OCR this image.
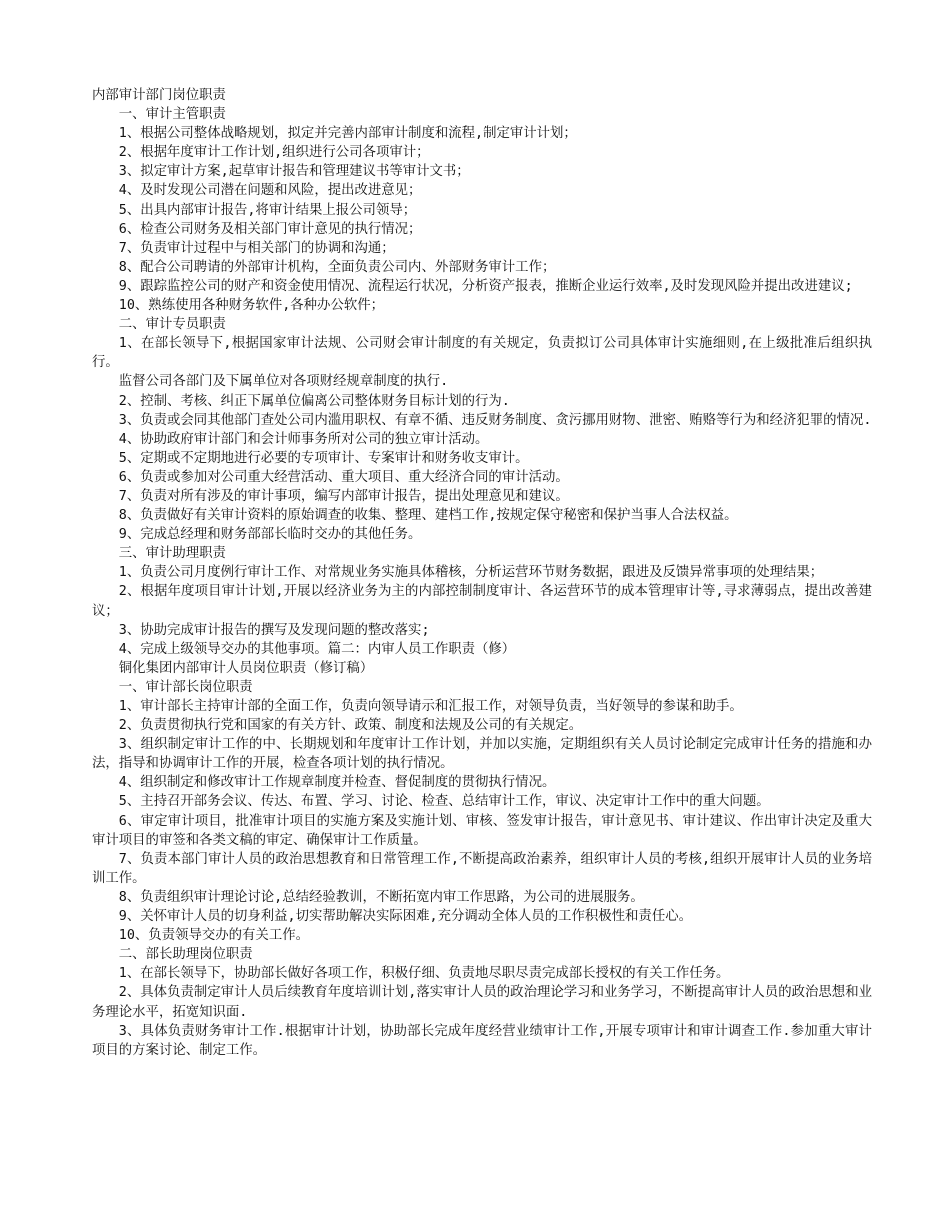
内部审计部门岗位职责

一、审计主管职责

1、根据公司整体战略规划，拟定并完善内部审计制度和流程,制定审计计划；

2、根据年度审计工作计划,组织进行公司各项审计；

3、拟定审计方案,起草审计报告和管理建议书等审计文书；

4、及时发现公司潜在问题和风险，提出改进意见；

5、出具内部审计报告,将审计结果上报公司领导；

6、检查公司财务及相关部门审计意见的执行情况；

7、负责审计过程中与相关部门的协调和沟通；

8、配合公司聘请的外部审计机构，全面负责公司内、外部财务审计工作；

9、跟踪监控公司的财产和资金使用情况、流程运行状况，分析资产报表，推断企业运行效率,及时发现风险并提出改进建议;

10、熟练使用各种财务软件,各种办公软件；

二、审计专员职责

1、在部长领导下,根据国家审计法规、公司财会审计制度的有关规定，负责拟订公司具体审计实施细则,在上级批准后组织执行。

监督公司各部门及下属单位对各项财经规章制度的执行.

2、控制、考核、纠正下属单位偏离公司整体财务目标计划的行为.

3、负责或会同其他部门查处公司内滥用职权、有章不循、违反财务制度、贪污挪用财物、泄密、贿赂等行为和经济犯罪的情况.

4、协助政府审计部门和会计师事务所对公司的独立审计活动。

5、定期或不定期地进行必要的专项审计、专案审计和财务收支审计。

6、负责或参加对公司重大经营活动、重大项目、重大经济合同的审计活动。

7、负责对所有涉及的审计事项，编写内部审计报告，提出处理意见和建议。

8、负责做好有关审计资料的原始调查的收集、整理、建档工作,按规定保守秘密和保护当事人合法权益。

9、完成总经理和财务部部长临时交办的其他任务。

三、审计助理职责

1、负责公司月度例行审计工作、对常规业务实施具体稽核，分析运营环节财务数据，跟进及反馈异常事项的处理结果；

2、根据年度项目审计计划,开展以经济业务为主的内部控制制度审计、各运营环节的成本管理审计等,寻求薄弱点，提出改善建议；

3、协助完成审计报告的撰写及发现问题的整改落实;

4、完成上级领导交办的其他事项。篇二：内审人员工作职责（修）

铜化集团内部审计人员岗位职责（修订稿）

一、审计部长岗位职责

1、审计部长主持审计部的全面工作，负责向领导请示和汇报工作，对领导负责，当好领导的参谋和助手。

2、负责贯彻执行党和国家的有关方针、政策、制度和法规及公司的有关规定。

3、组织制定审计工作的中、长期规划和年度审计工作计划，并加以实施，定期组织有关人员讨论制定完成审计任务的措施和办法，指导和协调审计工作的开展，检查各项计划的执行情况。

4、组织制定和修改审计工作规章制度并检查、督促制度的贯彻执行情况。

5、主持召开部务会议、传达、布置、学习、讨论、检查、总结审计工作，审议、决定审计工作中的重大问题。

6、审定审计项目，批准审计项目的实施方案及实施计划、审核、签发审计报告，审计意见书、审计建议、作出审计决定及重大审计项目的审签和各类文稿的审定、确保审计工作质量。

7、负责本部门审计人员的政治思想教育和日常管理工作,不断提高政治素养，组织审计人员的考核,组织开展审计人员的业务培训工作。

8、负责组织审计理论讨论,总结经验教训，不断拓宽内审工作思路，为公司的进展服务。

9、关怀审计人员的切身利益,切实帮助解决实际困难,充分调动全体人员的工作积极性和责任心。

10、负责领导交办的有关工作。

二、部长助理岗位职责

1、在部长领导下，协助部长做好各项工作，积极仔细、负责地尽职尽责完成部长授权的有关工作任务。

2、具体负责制定审计人员后续教育年度培训计划,落实审计人员的政治理论学习和业务学习，不断提高审计人员的政治思想和业务理论水平，拓宽知识面.

3、具体负责财务审计工作.根据审计计划，协助部长完成年度经营业绩审计工作,开展专项审计和审计调查工作.参加重大审计项目的方案讨论、制定工作。
